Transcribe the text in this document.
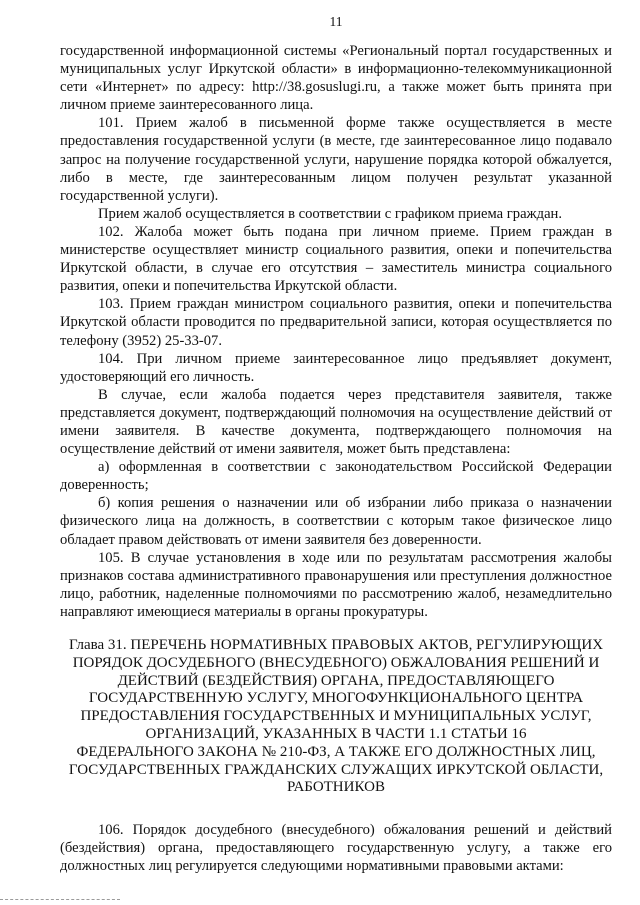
11

государственной информационной системы «Региональный портал государственных и муниципальных услуг Иркутской области» в информационно-телекоммуникационной сети «Интернет» по адресу: http://38.gosuslugi.ru, а также может быть принята при личном приеме заинтересованного лица.

101. Прием жалоб в письменной форме также осуществляется в месте предоставления государственной услуги (в месте, где заинтересованное лицо подавало запрос на получение государственной услуги, нарушение порядка которой обжалуется, либо в месте, где заинтересованным лицом получен результат указанной государственной услуги).

Прием жалоб осуществляется в соответствии с графиком приема граждан.

102. Жалоба может быть подана при личном приеме. Прием граждан в министерстве осуществляет министр социального развития, опеки и попечительства Иркутской области, в случае его отсутствия – заместитель министра социального развития, опеки и попечительства Иркутской области.

103. Прием граждан министром социального развития, опеки и попечительства Иркутской области проводится по предварительной записи, которая осуществляется по телефону (3952) 25-33-07.

104. При личном приеме заинтересованное лицо предъявляет документ, удостоверяющий его личность.

В случае, если жалоба подается через представителя заявителя, также представляется документ, подтверждающий полномочия на осуществление действий от имени заявителя. В качестве документа, подтверждающего полномочия на осуществление действий от имени заявителя, может быть представлена:

а) оформленная в соответствии с законодательством Российской Федерации доверенность;

б) копия решения о назначении или об избрании либо приказа о назначении физического лица на должность, в соответствии с которым такое физическое лицо обладает правом действовать от имени заявителя без доверенности.

105. В случае установления в ходе или по результатам рассмотрения жалобы признаков состава административного правонарушения или преступления должностное лицо, работник, наделенные полномочиями по рассмотрению жалоб, незамедлительно направляют имеющиеся материалы в органы прокуратуры.

Глава 31. ПЕРЕЧЕНЬ НОРМАТИВНЫХ ПРАВОВЫХ АКТОВ, РЕГУЛИРУЮЩИХ
ПОРЯДОК ДОСУДЕБНОГО (ВНЕСУДЕБНОГО) ОБЖАЛОВАНИЯ РЕШЕНИЙ И
ДЕЙСТВИЙ (БЕЗДЕЙСТВИЯ) ОРГАНА, ПРЕДОСТАВЛЯЮЩЕГО
ГОСУДАРСТВЕННУЮ УСЛУГУ, МНОГОФУНКЦИОНАЛЬНОГО ЦЕНТРА
ПРЕДОСТАВЛЕНИЯ ГОСУДАРСТВЕННЫХ И МУНИЦИПАЛЬНЫХ УСЛУГ,
ОРГАНИЗАЦИЙ, УКАЗАННЫХ В ЧАСТИ 1.1 СТАТЬИ 16
ФЕДЕРАЛЬНОГО ЗАКОНА № 210-ФЗ, А ТАКЖЕ ЕГО ДОЛЖНОСТНЫХ ЛИЦ,
ГОСУДАРСТВЕННЫХ ГРАЖДАНСКИХ СЛУЖАЩИХ ИРКУТСКОЙ ОБЛАСТИ,
РАБОТНИКОВ

106. Порядок досудебного (внесудебного) обжалования решений и действий (бездействия) органа, предоставляющего государственную услугу, а также его должностных лиц регулируется следующими нормативными правовыми актами:
